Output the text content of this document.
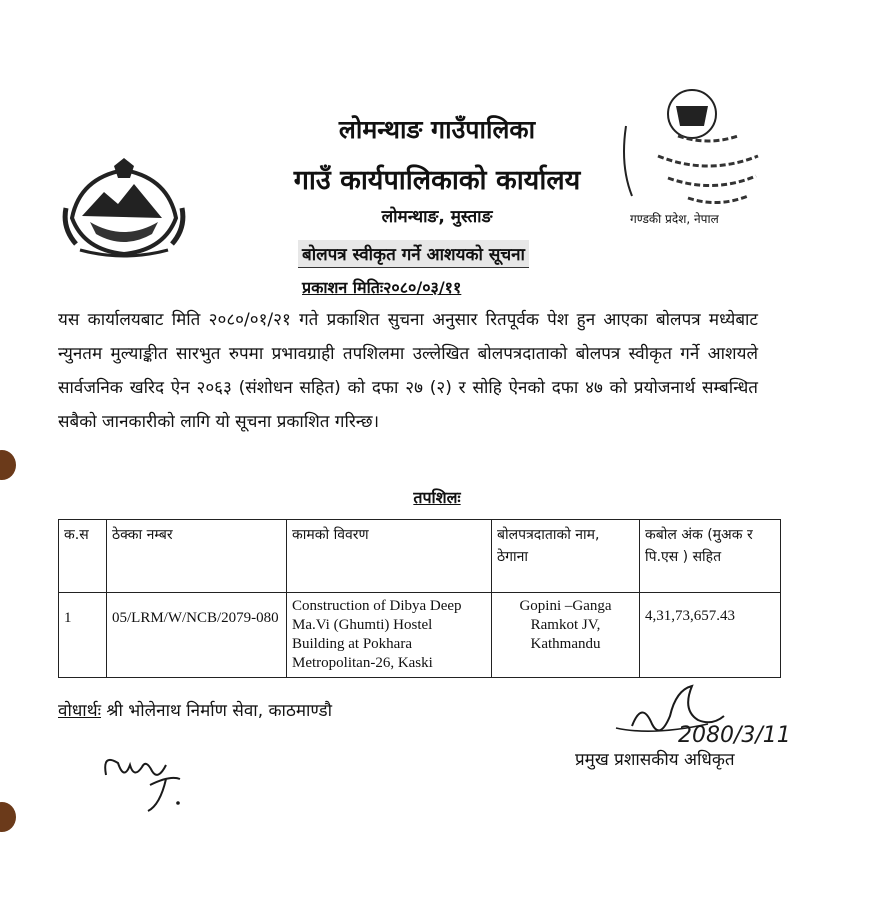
लोमन्थाङ गाउँपालिका
गाउँ कार्यपालिकाको कार्यालय
लोमन्थाङ, मुस्ताङ	गण्डकी प्रदेश, नेपाल
बोलपत्र स्वीकृत गर्ने आशयको सूचना
प्रकाशन मितिः२०८०/०३/११
यस कार्यालयबाट मिति २०८०/०१/२१ गते प्रकाशित सुचना अनुसार रितपूर्वक पेश हुन आएका बोलपत्र मध्येबाट न्युनतम मुल्याङ्कीत सारभुत रुपमा प्रभावग्राही तपशिलमा उल्लेखित बोलपत्रदाताको बोलपत्र स्वीकृत गर्ने आशयले सार्वजनिक खरिद ऐन २०६३ (संशोधन सहित) को दफा २७ (२) र सोहि ऐनको दफा ४७ को प्रयोजनार्थ सम्बन्धित सबैको जानकारीको लागि यो सूचना प्रकाशित गरिन्छ।
तपशिलः
क.स	ठेक्का नम्बर	कामको विवरण	बोलपत्रदाताको नाम, ठेगाना	कबोल अंक (मुअक र पि.एस ) सहित
1	05/LRM/W/NCB/2079-080	Construction of Dibya Deep Ma.Vi (Ghumti) Hostel Building at Pokhara Metropolitan-26, Kaski	Gopini –Ganga Ramkot JV, Kathmandu	4,31,73,657.43
वोधार्थः श्री भोलेनाथ निर्माण सेवा, काठमाण्डौ
2080/3/11
प्रमुख प्रशासकीय अधिकृत
